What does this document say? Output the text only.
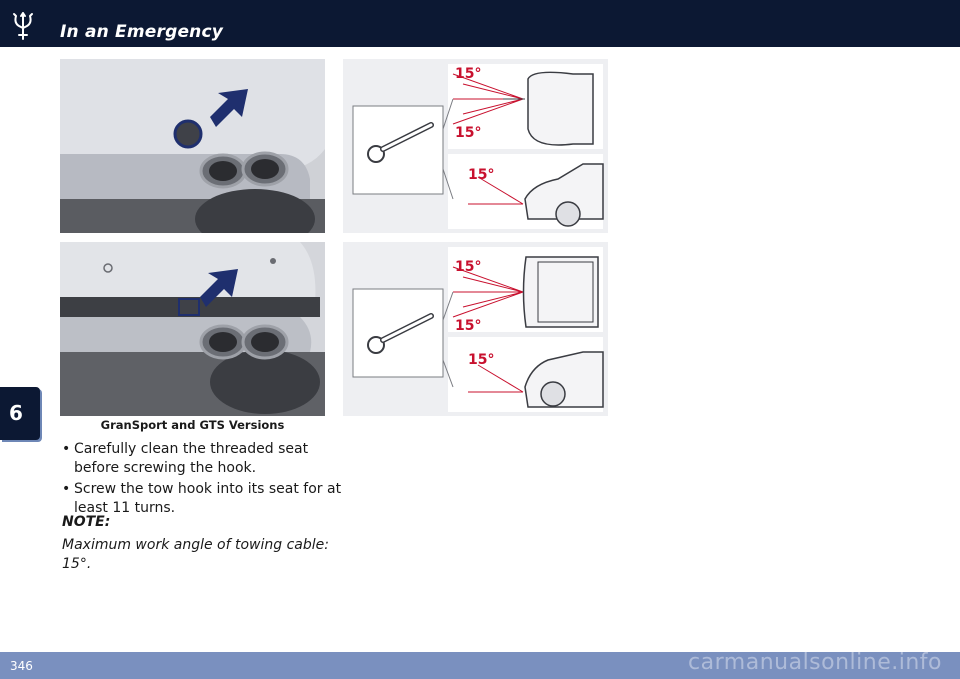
In an Emergency
6
15°
15°
15°
15°
15°
15°
GranSport and GTS Versions
• Carefully clean the threaded seat before screwing the hook.
• Screw the tow hook into its seat for at least 11 turns.
NOTE:
Maximum work angle of towing cable: 15°.
346	carmanualsonline.info
